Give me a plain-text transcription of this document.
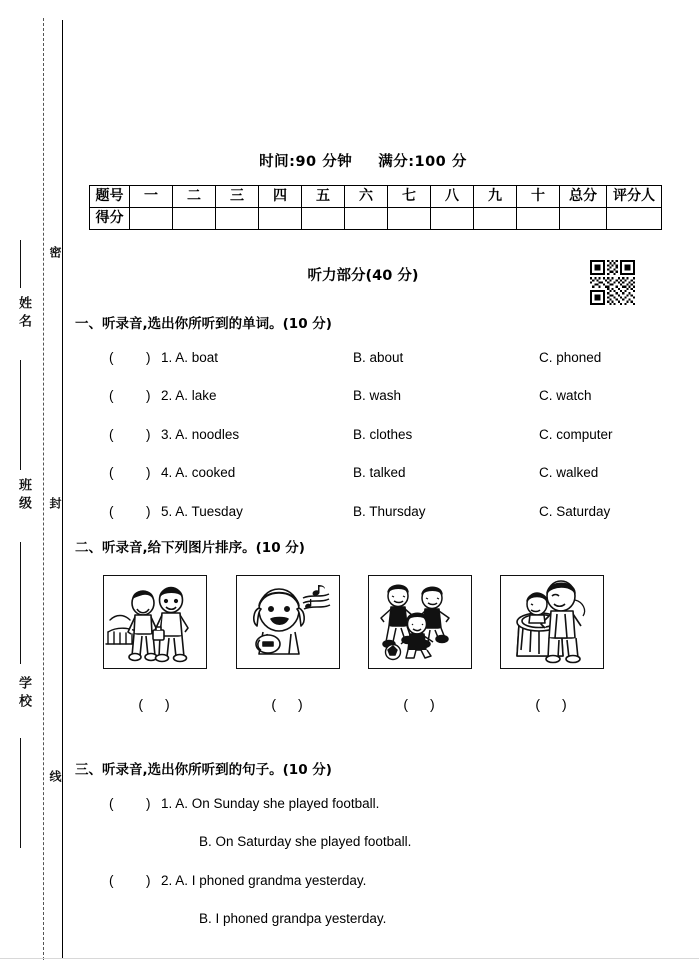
姓名
班级
学校
密
封
线
时间:90 分钟 满分:100 分
题号	一	二	三	四	五	六	七	八	九	十	总分	评分人
得分												
听力部分(40 分)
一、听录音,选出你所听到的单词。(10 分)
( ) 1. A. boat	B. about	C. phoned
( ) 2. A. lake	B. wash	C. watch
( ) 3. A. noodles	B. clothes	C. computer
( ) 4. A. cooked	B. talked	C. walked
( ) 5. A. Tuesday	B. Thursday	C. Saturday
二、听录音,给下列图片排序。(10 分)
( )	( )	( )	( )
三、听录音,选出你所听到的句子。(10 分)
( ) 1. A. On Sunday she played football.
B. On Saturday she played football.
( ) 2. A. I phoned grandma yesterday.
B. I phoned grandpa yesterday.
